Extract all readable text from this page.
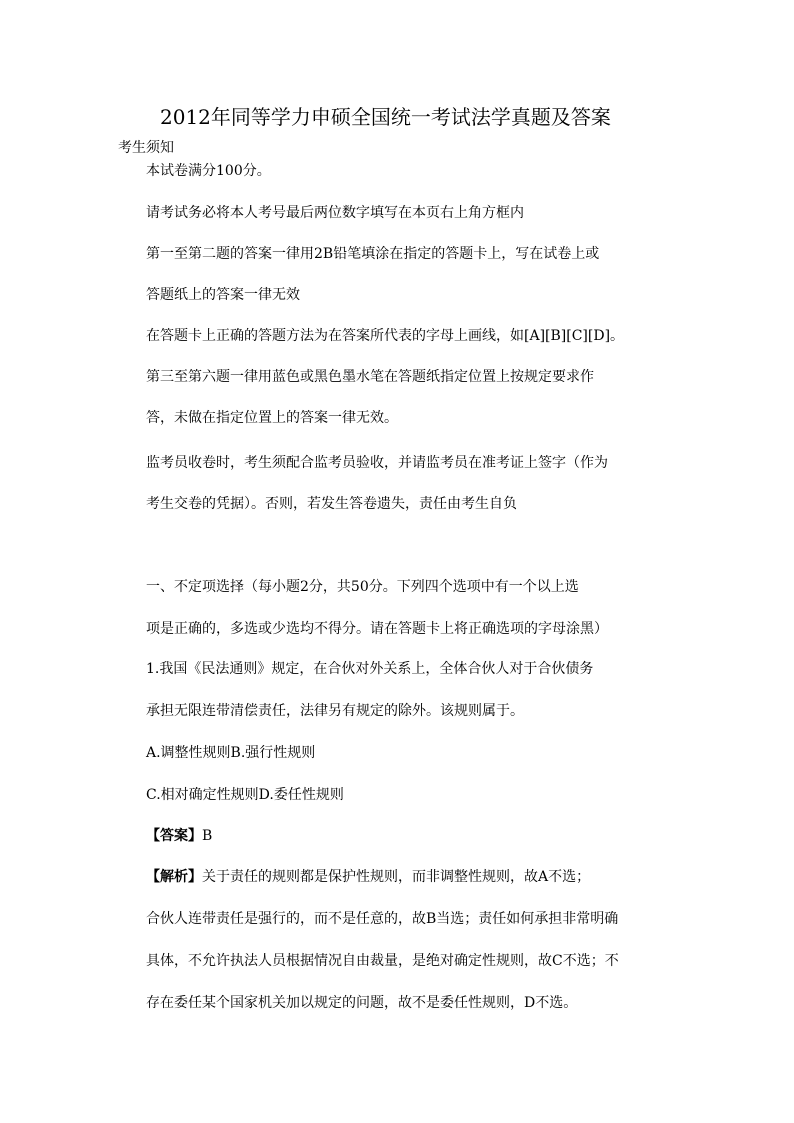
2012年同等学力申硕全国统一考试法学真题及答案
考生须知
本试卷满分100分。
请考试务必将本人考号最后两位数字填写在本页右上角方框内
第一至第二题的答案一律用2B铅笔填涂在指定的答题卡上，写在试卷上或
答题纸上的答案一律无效
在答题卡上正确的答题方法为在答案所代表的字母上画线，如[A][B][C][D]。
第三至第六题一律用蓝色或黑色墨水笔在答题纸指定位置上按规定要求作
答，未做在指定位置上的答案一律无效。
监考员收卷时，考生须配合监考员验收，并请监考员在准考证上签字（作为
考生交卷的凭据）。否则，若发生答卷遗失，责任由考生自负
一、不定项选择（每小题2分，共50分。下列四个选项中有一个以上选
项是正确的，多选或少选均不得分。请在答题卡上将正确选项的字母涂黑）
1.我国《民法通则》规定，在合伙对外关系上，全体合伙人对于合伙债务
承担无限连带清偿责任，法律另有规定的除外。该规则属于。
A.调整性规则B.强行性规则
C.相对确定性规则D.委任性规则
【答案】B
【解析】关于责任的规则都是保护性规则，而非调整性规则，故A不选；
合伙人连带责任是强行的，而不是任意的，故B当选；责任如何承担非常明确
具体，不允许执法人员根据情况自由裁量，是绝对确定性规则，故C不选；不
存在委任某个国家机关加以规定的问题，故不是委任性规则，D不选。
